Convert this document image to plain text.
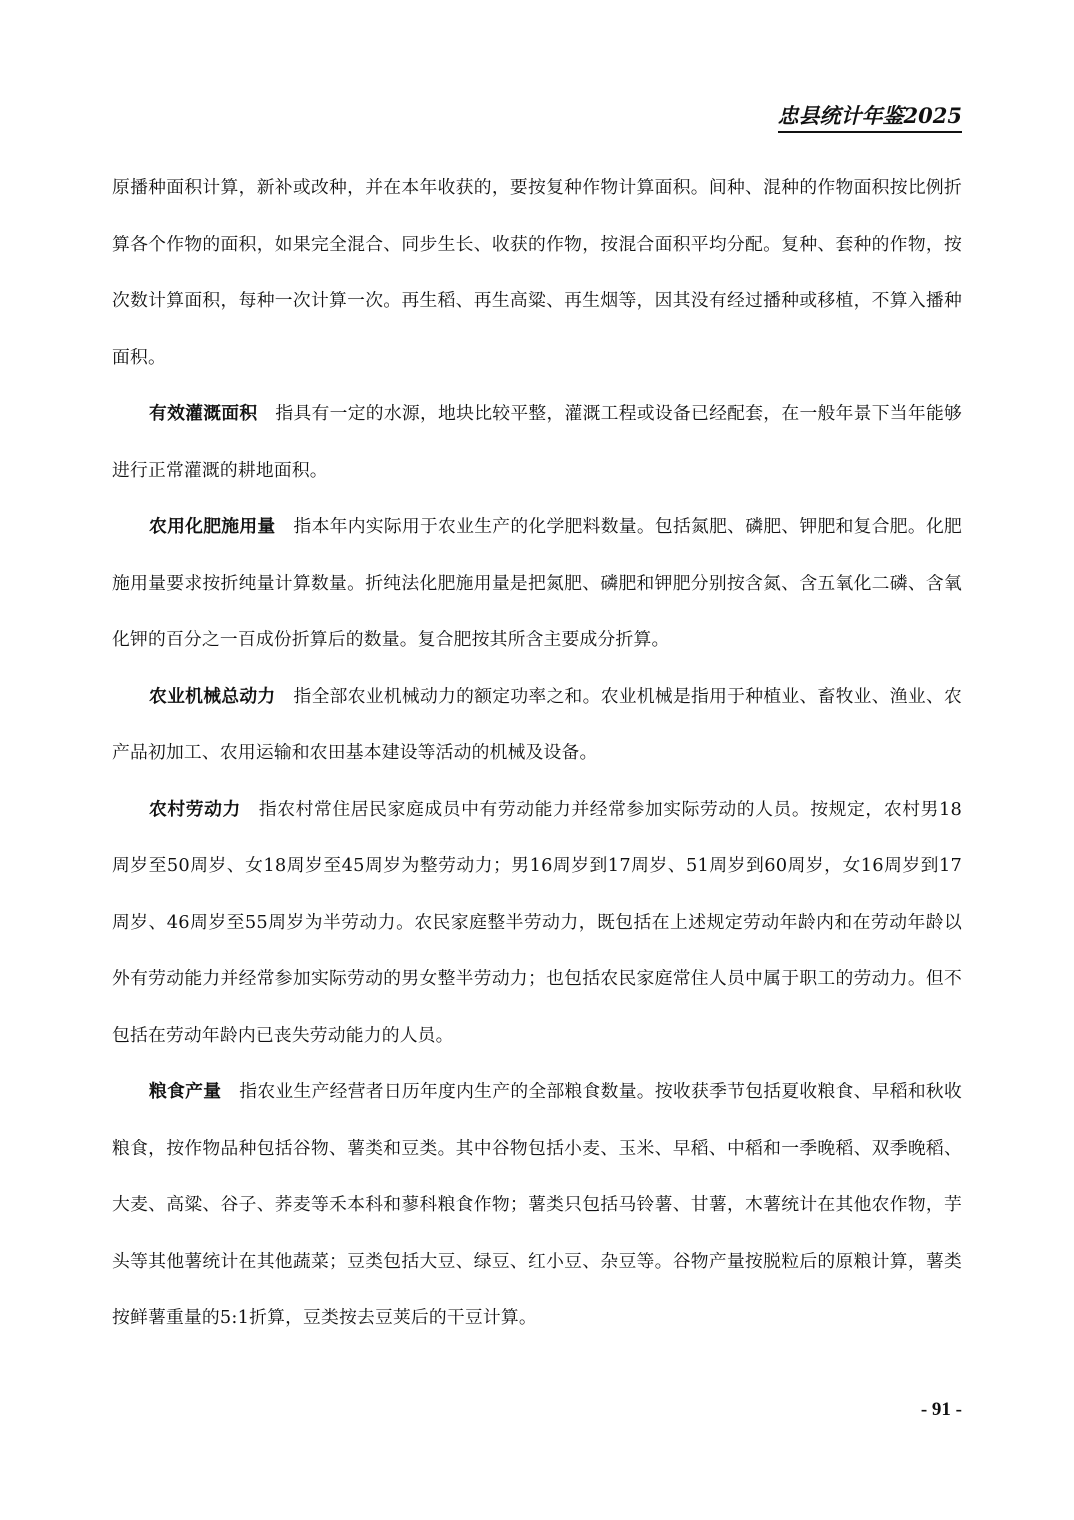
忠县统计年鉴2025

原播种面积计算，新补或改种，并在本年收获的，要按复种作物计算面积。间种、混种的作物面积按比例折算各个作物的面积，如果完全混合、同步生长、收获的作物，按混合面积平均分配。复种、套种的作物，按次数计算面积，每种一次计算一次。再生稻、再生高粱、再生烟等，因其没有经过播种或移植，不算入播种面积。

有效灌溉面积 指具有一定的水源，地块比较平整，灌溉工程或设备已经配套，在一般年景下当年能够进行正常灌溉的耕地面积。

农用化肥施用量 指本年内实际用于农业生产的化学肥料数量。包括氮肥、磷肥、钾肥和复合肥。化肥施用量要求按折纯量计算数量。折纯法化肥施用量是把氮肥、磷肥和钾肥分别按含氮、含五氧化二磷、含氧化钾的百分之一百成份折算后的数量。复合肥按其所含主要成分折算。

农业机械总动力 指全部农业机械动力的额定功率之和。农业机械是指用于种植业、畜牧业、渔业、农产品初加工、农用运输和农田基本建设等活动的机械及设备。

农村劳动力 指农村常住居民家庭成员中有劳动能力并经常参加实际劳动的人员。按规定，农村男18周岁至50周岁、女18周岁至45周岁为整劳动力；男16周岁到17周岁、51周岁到60周岁，女16周岁到17周岁、46周岁至55周岁为半劳动力。农民家庭整半劳动力，既包括在上述规定劳动年龄内和在劳动年龄以外有劳动能力并经常参加实际劳动的男女整半劳动力；也包括农民家庭常住人员中属于职工的劳动力。但不包括在劳动年龄内已丧失劳动能力的人员。

粮食产量 指农业生产经营者日历年度内生产的全部粮食数量。按收获季节包括夏收粮食、早稻和秋收粮食，按作物品种包括谷物、薯类和豆类。其中谷物包括小麦、玉米、早稻、中稻和一季晚稻、双季晚稻、大麦、高粱、谷子、荞麦等禾本科和蓼科粮食作物；薯类只包括马铃薯、甘薯，木薯统计在其他农作物，芋头等其他薯统计在其他蔬菜；豆类包括大豆、绿豆、红小豆、杂豆等。谷物产量按脱粒后的原粮计算，薯类按鲜薯重量的5:1折算，豆类按去豆荚后的干豆计算。

- 91 -
